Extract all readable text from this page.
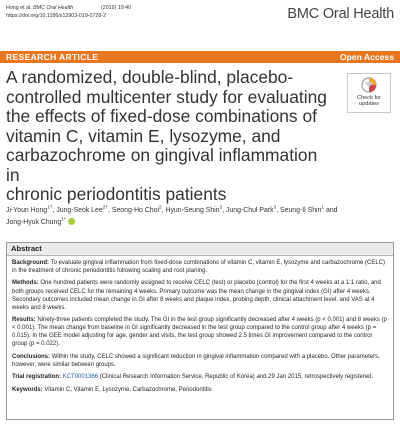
Hong et al. BMC Oral Health	(2019) 19:40
https://doi.org/10.1186/s12903-019-0728-2	BMC Oral Health
RESEARCH ARTICLE	Open Access
A randomized, double-blind, placebo-
controlled multicenter study for evaluating
the effects of fixed-dose combinations of
vitamin C, vitamin E, lysozyme, and
carbazochrome on gingival inflammation in
chronic periodontitis patients
Check for
updates
Ji-Youn Hong$^{1\dagger}$, Jung-Seok Lee$^{2\dagger}$, Seong-Ho Choi$^2$, Hyun-Seung Shin$^3$, Jung-Chul Park$^3$, Seung-Il Shin$^1$ and
Jong-Hyuk Chung$^{1*}$
Abstract

Background: To evaluate gingival inflammation from fixed-dose combinations of vitamin C, vitamin E, lysozyme and carbazochrome (CELC) in the treatment of chronic periodontitis following scaling and root planing.

Methods: One hundred patients were randomly assigned to receive CELC (test) or placebo (control) for the first 4 weeks at a 1:1 ratio, and both groups received CELC for the remaining 4 weeks. Primary outcome was the mean change in the gingival index (GI) after 4 weeks. Secondary outcomes included mean change in GI after 8 weeks and plaque index, probing depth, clinical attachment level, and VAS at 4 weeks and 8 weeks.

Results: Ninety-three patients completed the study. The GI in the test group significantly decreased after 4 weeks (p < 0.001) and 8 weeks (p < 0.001). The mean change from baseline in GI significantly decreased in the test group compared to the control group after 4 weeks (p = 0.015). In the GEE model adjusting for age, gender and visits, the test group showed 2.5 times GI improvement compared to the control group (p = 0.022).

Conclusions: Within the study, CELC showed a significant reduction in gingival inflammation compared with a placebo. Other parameters, however, were similar between groups.

Trial registration: KCT0001366 (Clinical Research Information Service, Republic of Korea) and 29 Jan 2015, retrospectively registered.

Keywords: Vitamin C, Vitamin E, Lysozyme, Carbazochrome, Periodontitis
